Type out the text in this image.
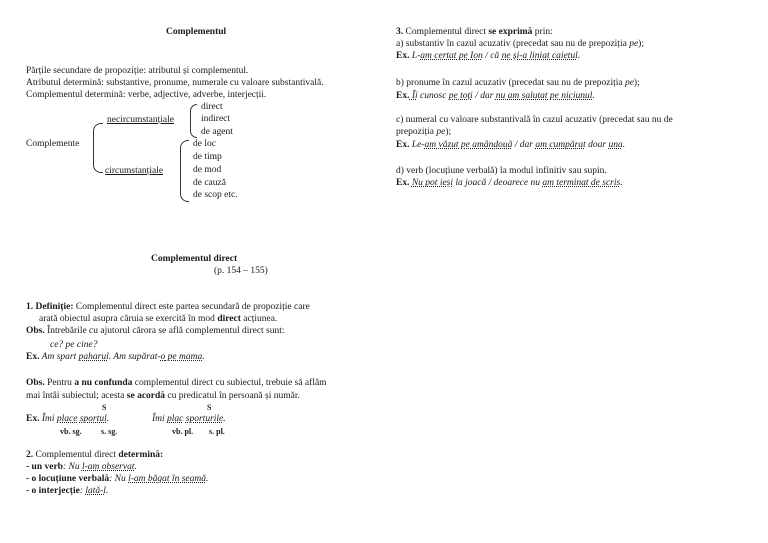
Complementul
Părțile secundare de propoziție: atributul și complementul.
Atributul determină: substantive, pronume, numerale cu valoare substantivală.
Complementul determină: verbe, adjective, adverbe, interjecții.
Complemente
necircumstanțiale
direct
indirect
de agent
circumstanțiale
de loc
de timp
de mod
de cauză
de scop etc.
Complementul direct
(p. 154 – 155)
1. Definiție: Complementul direct este partea secundară de propoziție care
arată obiectul asupra căruia se exercită în mod direct acțiunea.
Obs. Întrebările cu ajutorul cărora se află complementul direct sunt:
ce? pe cine?
Ex. Am spart paharul. Am supărat-o pe mama.
Obs. Pentru a nu confunda complementul direct cu subiectul, trebuie să aflăm
mai întâi subiectul; acesta se acordă cu predicatul în persoană și număr.
S	S
Ex. Îmi place sportul.	Îmi plac sporturile.
vb. sg. s. sg.	vb. pl. s. pl.
2. Complementul direct determină:
- un verb: Nu l-am observat.
- o locuțiune verbală: Nu l-am băgat în seamă.
- o interjecție: lată-l.
3. Complementul direct se exprimă prin:
a) substantiv în cazul acuzativ (precedat sau nu de prepoziția pe);
Ex. L-am certat pe Ion / că ne și-a liniat caietul.
b) pronume în cazul acuzativ (precedat sau nu de prepoziția pe);
Ex. Îi cunosc pe toți / dar nu am salutat pe niciunul.
c) numeral cu valoare substantivală în cazul acuzativ (precedat sau nu de
prepoziția pe);
Ex. Le-am văzut pe amândouă / dar am cumpărat doar una.
d) verb (locuțiune verbală) la modul infinitiv sau supin.
Ex. Nu pot ieși la joacă / deoarece nu am terminat de scris.
